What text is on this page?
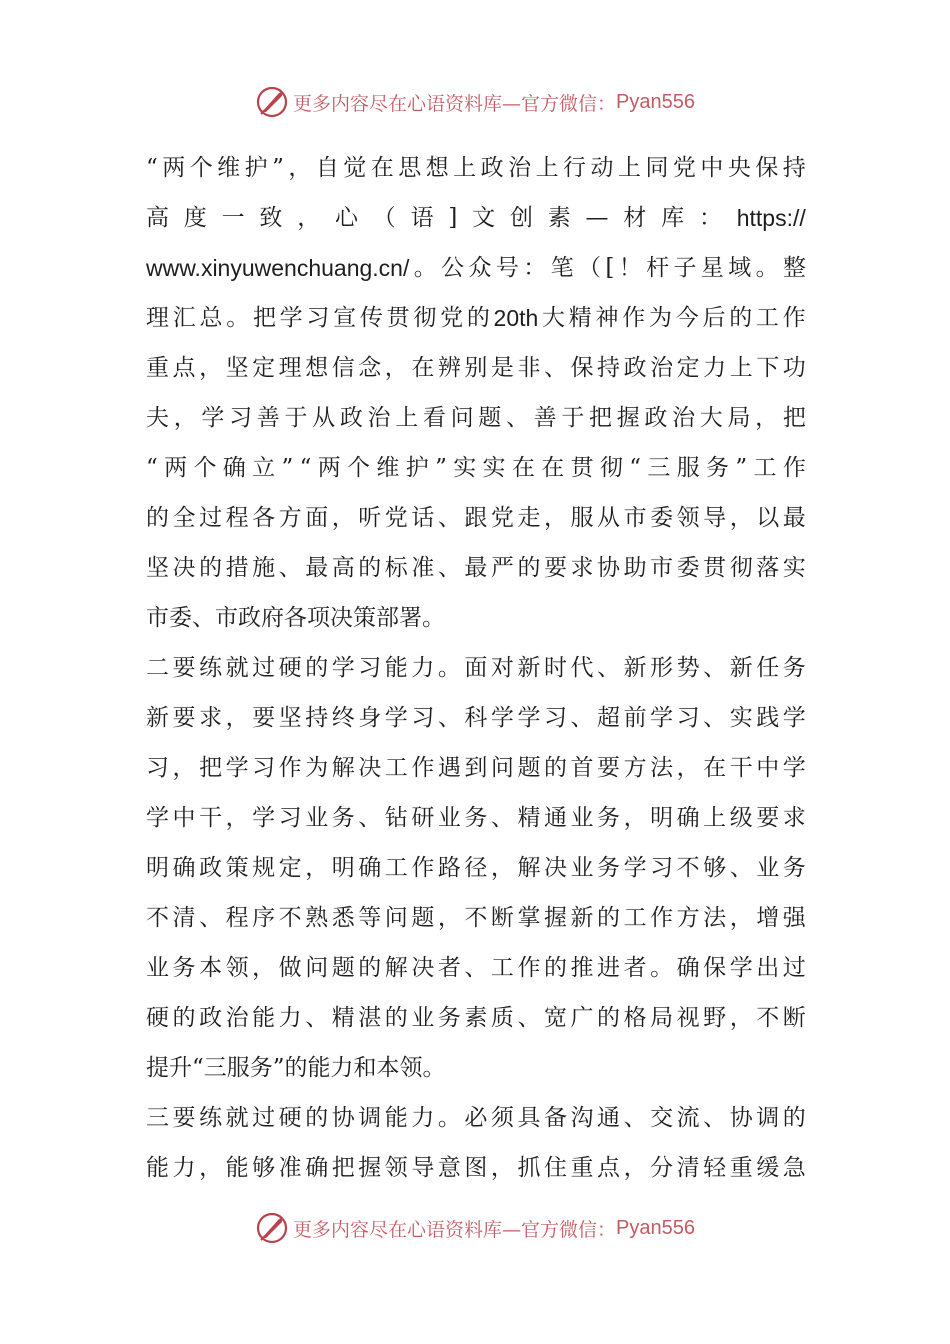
更多内容尽在心语资料库—官方微信： Pyan556
“ 两 个 维 护 ” ， 自 觉 在 思 想 上 政 治 上 行 动 上 同 党 中 央 保 持
高 度 一 致 ， 心 （ 语 ] 文 创 素 — 材 库 ： https://
www.xinyuwenchuang.cn/ 。 公 众 号 ： 笔 （ [ ！ 杆 子 星 域 。 整
理 汇 总 。 把 学 习 宣 传 贯 彻 党 的 20th 大 精 神 作 为 今 后 的 工 作
重 点 ， 坚 定 理 想 信 念 ， 在 辨 别 是 非 、 保 持 政 治 定 力 上 下 功
夫 ， 学 习 善 于 从 政 治 上 看 问 题 、 善 于 把 握 政 治 大 局 ， 把
“ 两 个 确 立 ” “ 两 个 维 护 ” 实 实 在 在 贯 彻 “ 三 服 务 ” 工 作
的 全 过 程 各 方 面 ， 听 党 话 、 跟 党 走 ， 服 从 市 委 领 导 ， 以 最
坚 决 的 措 施 、 最 高 的 标 准 、 最 严 的 要 求 协 助 市 委 贯 彻 落 实
市委、市政府各项决策部署。
二 要 练 就 过 硬 的 学 习 能 力 。 面 对 新 时 代 、 新 形 势 、 新 任 务
新 要 求 ， 要 坚 持 终 身 学 习 、 科 学 学 习 、 超 前 学 习 、 实 践 学
习 ， 把 学 习 作 为 解 决 工 作 遇 到 问 题 的 首 要 方 法 ， 在 干 中 学
学 中 干 ， 学 习 业 务 、 钻 研 业 务 、 精 通 业 务 ， 明 确 上 级 要 求
明 确 政 策 规 定 ， 明 确 工 作 路 径 ， 解 决 业 务 学 习 不 够 、 业 务
不 清 、 程 序 不 熟 悉 等 问 题 ， 不 断 掌 握 新 的 工 作 方 法 ， 增 强
业 务 本 领 ， 做 问 题 的 解 决 者 、 工 作 的 推 进 者 。 确 保 学 出 过
硬 的 政 治 能 力 、 精 湛 的 业 务 素 质 、 宽 广 的 格 局 视 野 ， 不 断
提升“三服务”的能力和本领。
三 要 练 就 过 硬 的 协 调 能 力 。 必 须 具 备 沟 通 、 交 流 、 协 调 的
能 力 ， 能 够 准 确 把 握 领 导 意 图 ， 抓 住 重 点 ， 分 清 轻 重 缓 急
更多内容尽在心语资料库—官方微信： Pyan556
